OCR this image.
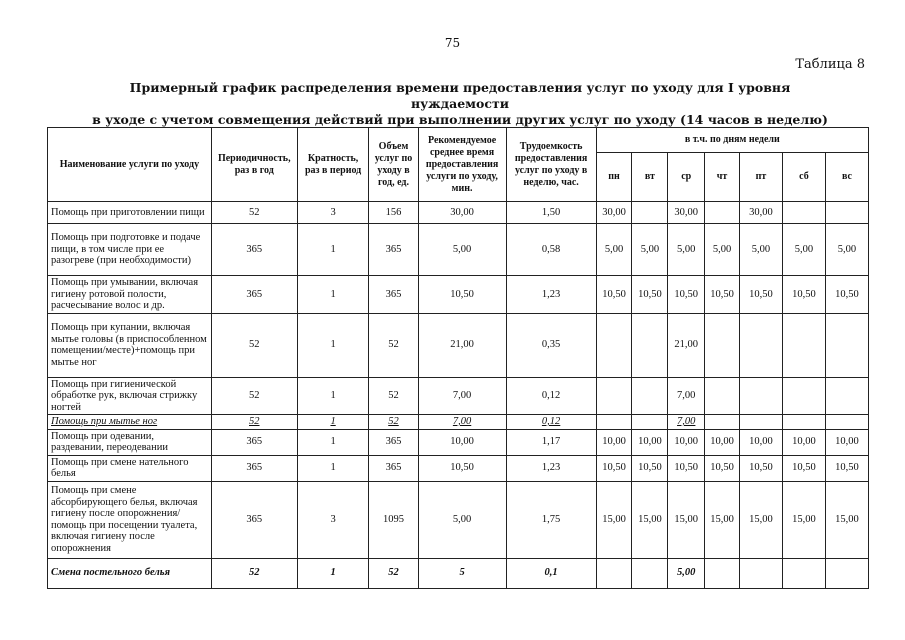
75
Таблица 8
Примерный график распределения времени предоставления услуг по уходу для I уровня нуждаемости
в уходе с учетом совмещения действий при выполнении других услуг по уходу (14 часов в неделю)
Наименование услуги по уходу	Периодичность, раз в год	Кратность, раз в период	Объем услуг по уходу в год, ед.	Рекомендуемое среднее время предоставления услуги по уходу, мин.	Трудоемкость предоставления услуг по уходу в неделю, час.	в т.ч. по дням недели						
						пн	вт	ср	чт	пт	сб	вс
Помощь при приготовлении пищи	52	3	156	30,00	1,50	30,00		30,00		30,00		
Помощь при подготовке и подаче пищи, в том числе при ее разогреве (при необходимости)	365	1	365	5,00	0,58	5,00	5,00	5,00	5,00	5,00	5,00	5,00
Помощь при умывании, включая гигиену ротовой полости, расчесывание волос и др.	365	1	365	10,50	1,23	10,50	10,50	10,50	10,50	10,50	10,50	10,50
Помощь при купании, включая мытье головы (в приспособленном помещении/месте)+помощь при мытье ног	52	1	52	21,00	0,35			21,00				
Помощь при гигиенической обработке рук, включая стрижку ногтей	52	1	52	7,00	0,12			7,00				
Помощь при мытье ног	52	1	52	7,00	0,12			7,00				
Помощь при одевании, раздевании, переодевании	365	1	365	10,00	1,17	10,00	10,00	10,00	10,00	10,00	10,00	10,00
Помощь при смене нательного белья	365	1	365	10,50	1,23	10,50	10,50	10,50	10,50	10,50	10,50	10,50
Помощь при смене абсорбирующего белья, включая гигиену после опорожнения/помощь при посещении туалета, включая гигиену после опорожнения	365	3	1095	5,00	1,75	15,00	15,00	15,00	15,00	15,00	15,00	15,00
Смена постельного белья	52	1	52	5	0,1			5,00				
